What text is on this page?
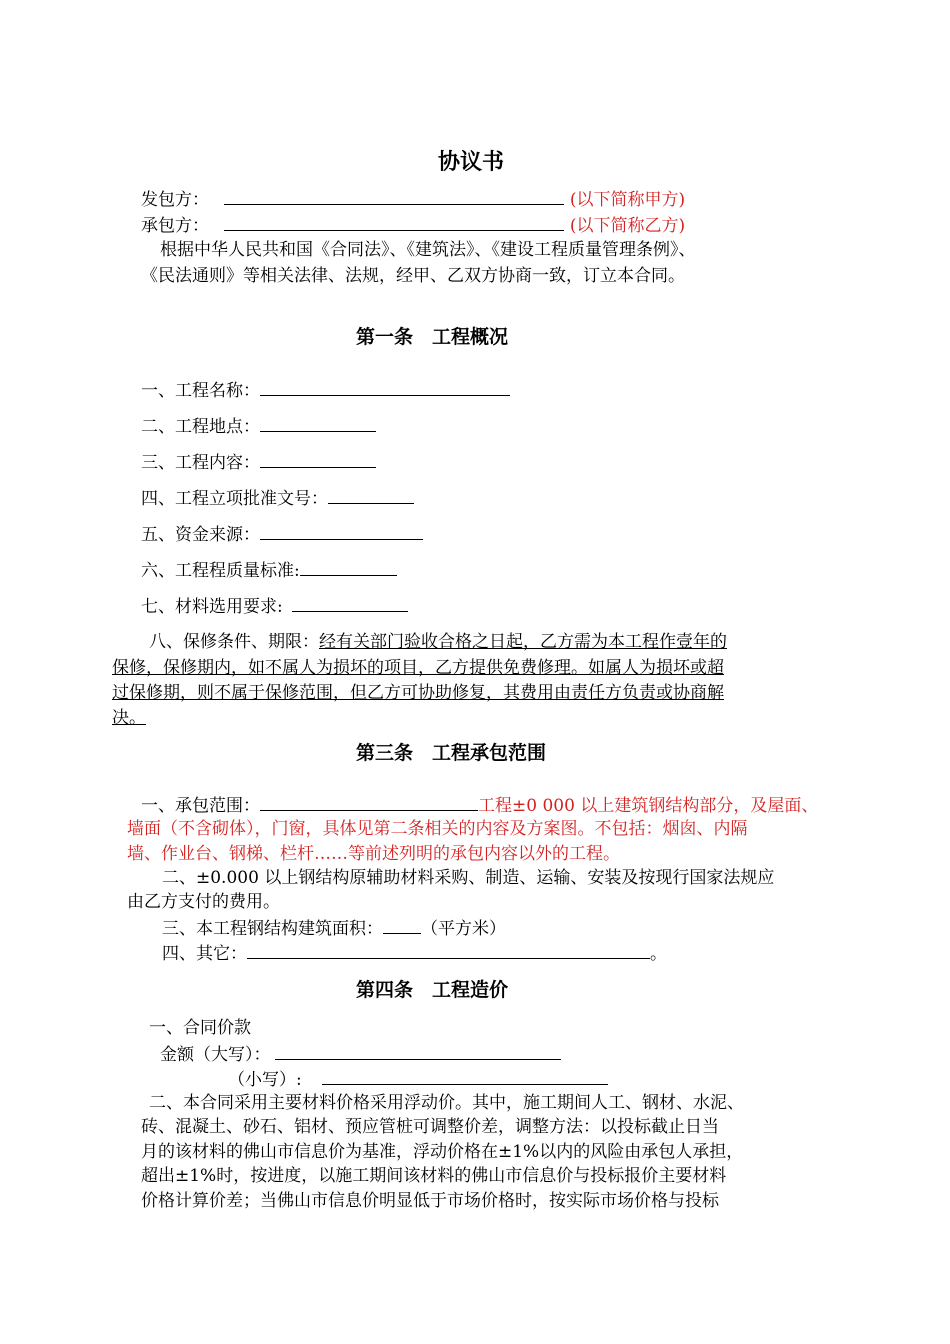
协议书
发包方：	(以下简称甲方)
承包方：	(以下简称乙方)
根据中华人民共和国《合同法》、《建筑法》、《建设工程质量管理条例》、
《民法通则》等相关法律、法规，经甲、乙双方协商一致，订立本合同。
第一条　工程概况
一、工程名称：
二、工程地点：
三、工程内容：
四、工程立项批准文号：
五、资金来源：
六、工程程质量标准:
七、材料选用要求:
八、保修条件、期限：经有关部门验收合格之日起，乙方需为本工程作壹年的
保修，保修期内，如不属人为损坏的项目，乙方提供免费修理。如属人为损坏或超
过保修期，则不属于保修范围，但乙方可协助修复，其费用由责任方负责或协商解
决。
第三条　工程承包范围
一、承包范围：	工程±0 000 以上建筑钢结构部分，及屋面、
墙面（不含砌体），门窗，具体见第二条相关的内容及方案图。不包括：烟囱、内隔
墙、作业台、钢梯、栏杆……等前述列明的承包内容以外的工程。
二、±0.000 以上钢结构原辅助材料采购、制造、运输、安装及按现行国家法规应
由乙方支付的费用。
三、本工程钢结构建筑面积： （平方米）
四、其它：	。
第四条　工程造价
一、合同价款
金额（大写）：
（小写）:
二、本合同采用主要材料价格采用浮动价。其中，施工期间人工、钢材、水泥、
砖、混凝土、砂石、铝材、预应管桩可调整价差，调整方法：以投标截止日当
月的该材料的佛山市信息价为基准，浮动价格在±1%以内的风险由承包人承担，
超出±1%时，按进度，以施工期间该材料的佛山市信息价与投标报价主要材料
价格计算价差；当佛山市信息价明显低于市场价格时，按实际市场价格与投标
